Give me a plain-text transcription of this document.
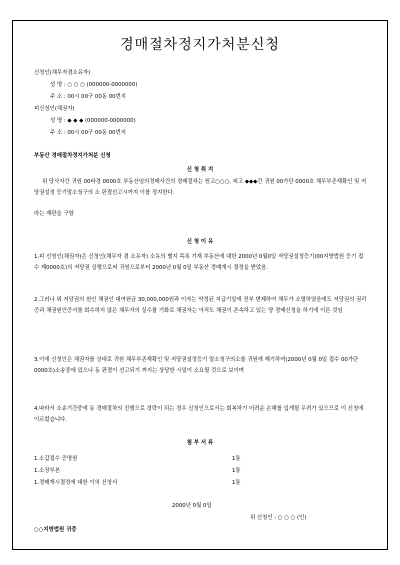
경매절차정지가처분신청
신청인(채무자겸소유자)
성 명 : ○ ○ ○ (000000-0000000)
주 소 : 00시 00구 00동 00번지
피신청인(채권자)
성 명 : ◆ ◆ ◆ (000000-0000000)
주 소 : 00시 00구 00동 00번지
부동산 경매절차정지가처분 신청
신 청 취 지
위 당사자간 귀원 00타경 0000호 부동산임의경매사건의 경매절차는 원고○○○, 피고 ◆◆◆간 귀원 00가단 0000호 채무부존재확인 및 저당권설정 등기말소청구의 소 판결선고시까지 이를 정지한다.
라는 재판을 구함
신 청 이 유
1.피 신청인(채권자)은 신청인(채무자 겸 소유자) 소유의 별지 목록 기재 부동산에 대한 2000년 0월0일 저당권설정등기(00지방법원 등기 접수 제0000호)의 저당권 실행으로써 귀원으로부터 2000년 0월 0일 부동산 경매개시 결정을 받았음.
2.그러나 위 저당권의 원인 채권인 대여원금 30,000,000원과 이자는 약정된 지급기일에 전부 변제하여 채무가 소멸하였음에도 저당권의 권리증과 채권원인증서를 회수하지 않은 채무자의 실수를 기화로 채권자는 아직도 채권이 존속하고 있는 양 경매신청을 하기에 이른 것임
3.이에 신청인은 채권자를 상대로 귀원 채무부존재확인 및 저당권설정등기 말소청구의소를 귀원에 제기하여(2000년 0월 0일 접수 00가단 0000호)소송중에 있으나 동 판결이 선고되기 까지는 상당한 시일이 소요될 것으로 보이며
4.따라서 소송기간중에 동 경매절차의 진행으로 경락이 되는 경우 신청인으로서는 회복하기 어려운 손해를 입게될 우려가 있으므로 이 신청에 이르렀습니다.
첨 부 서 류
1.소갑접수 증명원	1통
1.소장부본	1통
1.경매개시결정에 대한 이의 신청서	1통
2000년 0월 0일
위 신청인 : ○ ○ ○ (인)
○○지방법원 귀중
